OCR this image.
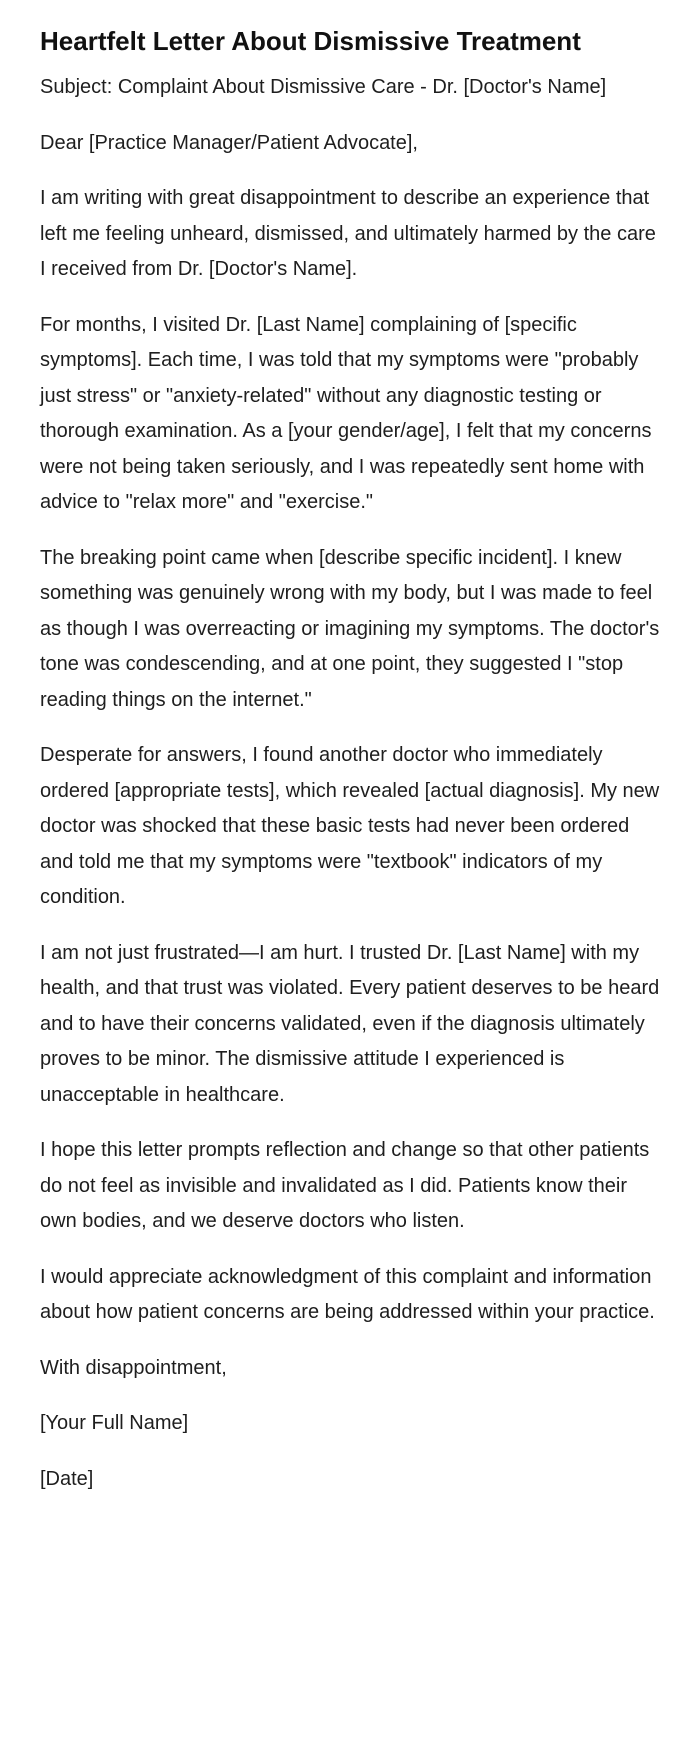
Heartfelt Letter About Dismissive Treatment

Subject: Complaint About Dismissive Care - Dr. [Doctor's Name]

Dear [Practice Manager/Patient Advocate],

I am writing with great disappointment to describe an experience that left me feeling unheard, dismissed, and ultimately harmed by the care I received from Dr. [Doctor's Name].

For months, I visited Dr. [Last Name] complaining of [specific symptoms]. Each time, I was told that my symptoms were "probably just stress" or "anxiety-related" without any diagnostic testing or thorough examination. As a [your gender/age], I felt that my concerns were not being taken seriously, and I was repeatedly sent home with advice to "relax more" and "exercise."

The breaking point came when [describe specific incident]. I knew something was genuinely wrong with my body, but I was made to feel as though I was overreacting or imagining my symptoms. The doctor's tone was condescending, and at one point, they suggested I "stop reading things on the internet."

Desperate for answers, I found another doctor who immediately ordered [appropriate tests], which revealed [actual diagnosis]. My new doctor was shocked that these basic tests had never been ordered and told me that my symptoms were "textbook" indicators of my condition.

I am not just frustrated—I am hurt. I trusted Dr. [Last Name] with my health, and that trust was violated. Every patient deserves to be heard and to have their concerns validated, even if the diagnosis ultimately proves to be minor. The dismissive attitude I experienced is unacceptable in healthcare.

I hope this letter prompts reflection and change so that other patients do not feel as invisible and invalidated as I did. Patients know their own bodies, and we deserve doctors who listen.

I would appreciate acknowledgment of this complaint and information about how patient concerns are being addressed within your practice.

With disappointment,

[Your Full Name]

[Date]
